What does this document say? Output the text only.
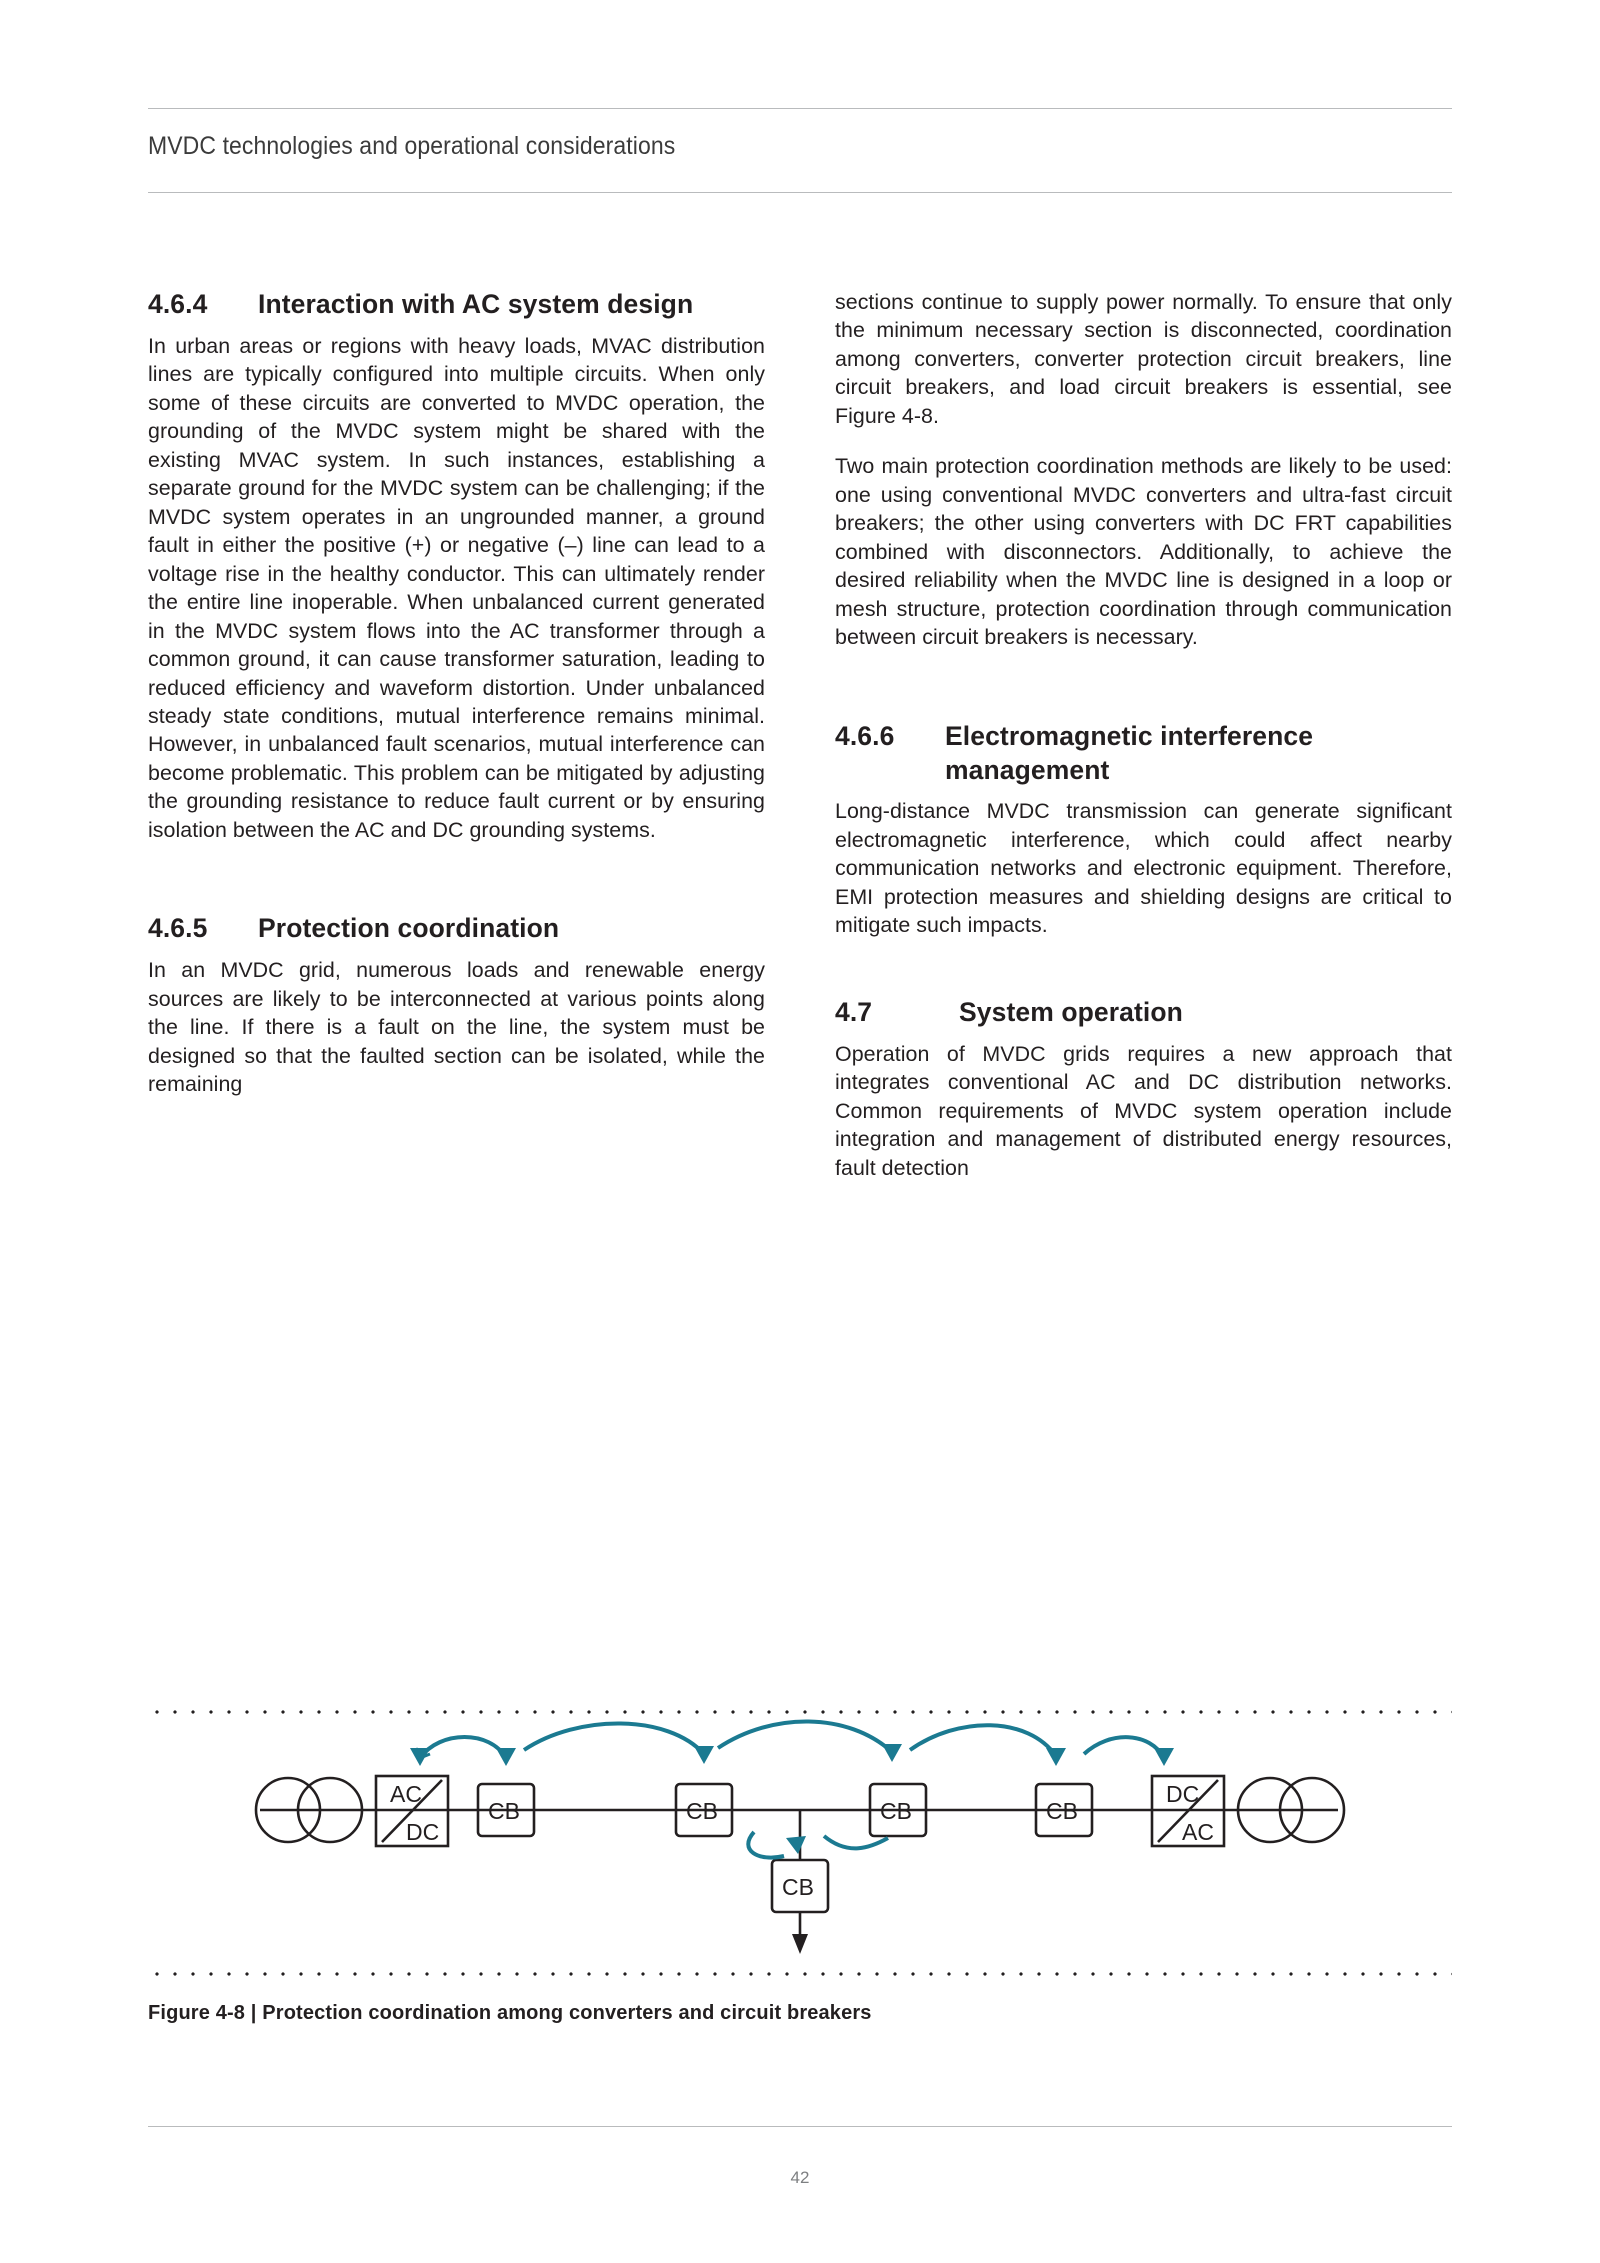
MVDC technologies and operational considerations
4.6.4	Interaction with AC system design

In urban areas or regions with heavy loads, MVAC distribution lines are typically configured into multiple circuits. When only some of these circuits are converted to MVDC operation, the grounding of the MVDC system might be shared with the existing MVAC system. In such instances, establishing a separate ground for the MVDC system can be challenging; if the MVDC system operates in an ungrounded manner, a ground fault in either the positive (+) or negative (–) line can lead to a voltage rise in the healthy conductor. This can ultimately render the entire line inoperable. When unbalanced current generated in the MVDC system flows into the AC transformer through a common ground, it can cause transformer saturation, leading to reduced efficiency and waveform distortion. Under unbalanced steady state conditions, mutual interference remains minimal. However, in unbalanced fault scenarios, mutual interference can become problematic. This problem can be mitigated by adjusting the grounding resistance to reduce fault current or by ensuring isolation between the AC and DC grounding systems.

4.6.5	Protection coordination

In an MVDC grid, numerous loads and renewable energy sources are likely to be interconnected at various points along the line. If there is a fault on the line, the system must be designed so that the faulted section can be isolated, while the remaining

sections continue to supply power normally. To ensure that only the minimum necessary section is disconnected, coordination among converters, converter protection circuit breakers, line circuit breakers, and load circuit breakers is essential, see Figure 4-8.

Two main protection coordination methods are likely to be used: one using conventional MVDC converters and ultra-fast circuit breakers; the other using converters with DC FRT capabilities combined with disconnectors. Additionally, to achieve the desired reliability when the MVDC line is designed in a loop or mesh structure, protection coordination through communication between circuit breakers is necessary.

4.6.6	Electromagnetic interference management

Long-distance MVDC transmission can generate significant electromagnetic interference, which could affect nearby communication networks and electronic equipment. Therefore, EMI protection measures and shielding designs are critical to mitigate such impacts.

4.7	System operation

Operation of MVDC grids requires a new approach that integrates conventional AC and DC distribution networks. Common requirements of MVDC system operation include integration and management of distributed energy resources, fault detection

AC
DC
DC
AC
CB	CB	CB	CB
CB
Figure 4-8 | Protection coordination among converters and circuit breakers
42
